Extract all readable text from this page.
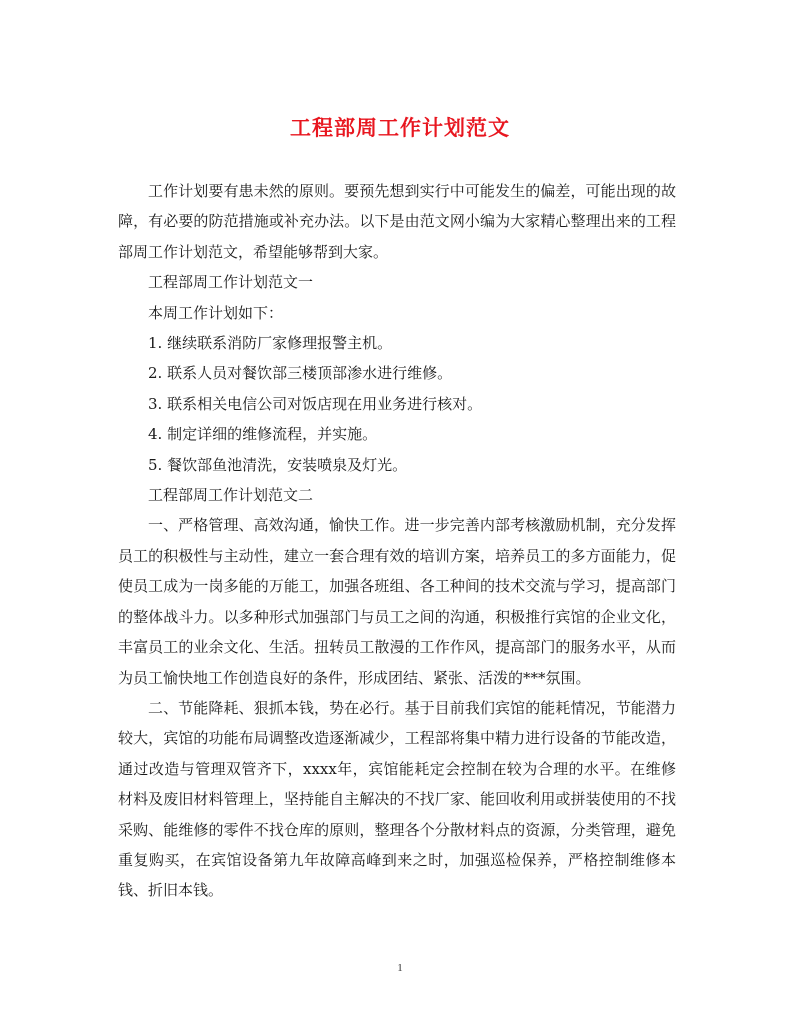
工程部周工作计划范文

工作计划要有患未然的原则。要预先想到实行中可能发生的偏差，可能出现的故障，有必要的防范措施或补充办法。以下是由范文网小编为大家精心整理出来的工程部周工作计划范文，希望能够帮到大家。

工程部周工作计划范文一

本周工作计划如下：

1. 继续联系消防厂家修理报警主机。

2. 联系人员对餐饮部三楼顶部渗水进行维修。

3. 联系相关电信公司对饭店现在用业务进行核对。

4. 制定详细的维修流程，并实施。

5. 餐饮部鱼池清洗，安装喷泉及灯光。

工程部周工作计划范文二

一、严格管理、高效沟通，愉快工作。进一步完善内部考核激励机制，充分发挥员工的积极性与主动性，建立一套合理有效的培训方案，培养员工的多方面能力，促使员工成为一岗多能的万能工，加强各班组、各工种间的技术交流与学习，提高部门的整体战斗力。以多种形式加强部门与员工之间的沟通，积极推行宾馆的企业文化，丰富员工的业余文化、生活。扭转员工散漫的工作作风，提高部门的服务水平，从而为员工愉快地工作创造良好的条件，形成团结、紧张、活泼的***氛围。

二、节能降耗、狠抓本钱，势在必行。基于目前我们宾馆的能耗情况，节能潜力较大，宾馆的功能布局调整改造逐渐减少，工程部将集中精力进行设备的节能改造，通过改造与管理双管齐下，xxxx年，宾馆能耗定会控制在较为合理的水平。在维修材料及废旧材料管理上，坚持能自主解决的不找厂家、能回收利用或拼装使用的不找采购、能维修的零件不找仓库的原则，整理各个分散材料点的资源，分类管理，避免重复购买，在宾馆设备第九年故障高峰到来之时，加强巡检保养，严格控制维修本钱、折旧本钱。

1
